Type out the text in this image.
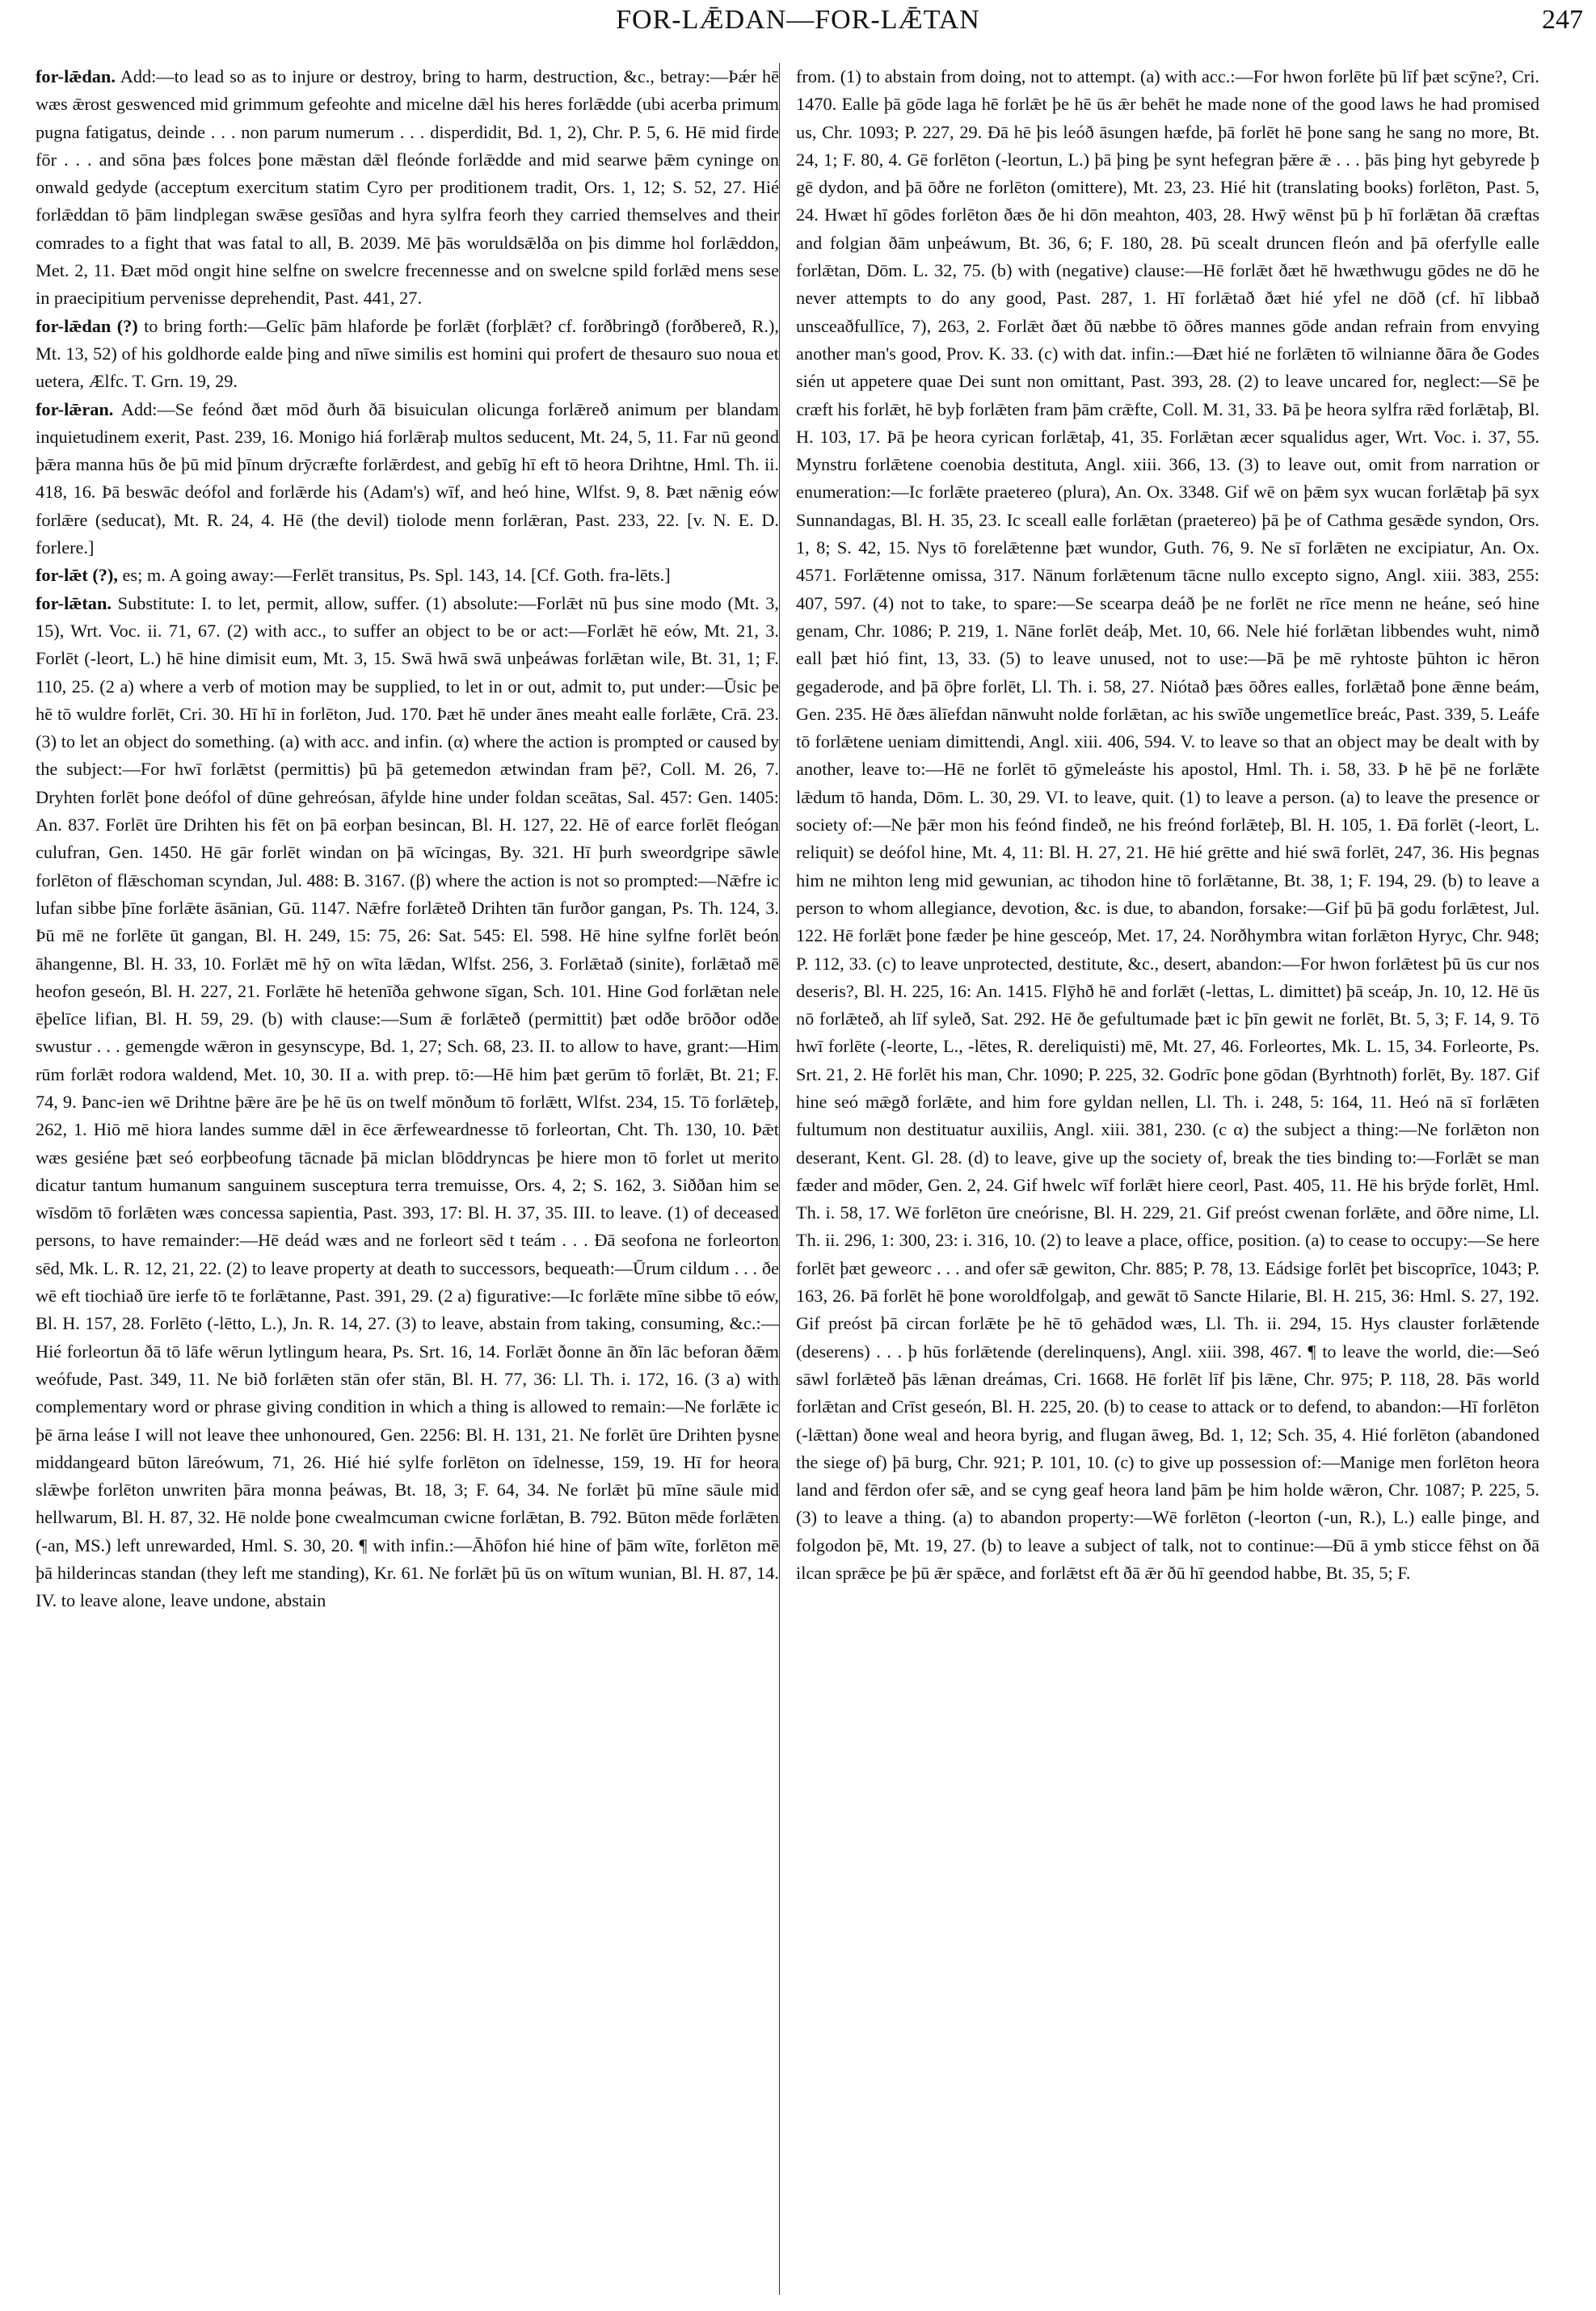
FOR-LǢDAN—FOR-LǢTAN	247

for-lǣdan. Add:—to lead so as to injure or destroy, bring to harm, destruction, &c., betray:—Þǽr hē wæs ǣrost geswenced mid grimmum gefeohte and micelne dǣl his heres forlǣdde (ubi acerba primum pugna fatigatus, deinde . . . non parum numerum . . . disperdidit, Bd. 1, 2), Chr. P. 5, 6. Hē mid firde fōr . . . and sōna þæs folces þone mǣstan dǣl fleónde forlǣdde and mid searwe þǣm cyninge on onwald gedyde (acceptum exercitum statim Cyro per proditionem tradit, Ors. 1, 12; S. 52, 27. Hié forlǣddan tō þām lindplegan swǣse gesīðas and hyra sylfra feorh they carried themselves and their comrades to a fight that was fatal to all, B. 2039. Mē þās woruldsǣlða on þis dimme hol forlǣddon, Met. 2, 11. Ðæt mōd ongit hine selfne on swelcre frecennesse and on swelcne spild forlǣd mens sese in praecipitium pervenisse deprehendit, Past. 441, 27.

for-lǣdan (?) to bring forth:—Gelīc þām hlaforde þe forlǣt (forþlǣt? cf. forðbringð (forðbereð, R.), Mt. 13, 52) of his goldhorde ealde þing and nīwe similis est homini qui profert de thesauro suo noua et uetera, Ælfc. T. Grn. 19, 29.

for-lǣran. Add:—Se feónd ðæt mōd ðurh ðā bisuiculan olicunga forlǣreð animum per blandam inquietudinem exerit, Past. 239, 16. Monigo hiá forlǣraþ multos seducent, Mt. 24, 5, 11. Far nū geond þǣra manna hūs ðe þū mid þīnum drȳcræfte forlǣrdest, and gebīg hī eft tō heora Drihtne, Hml. Th. ii. 418, 16. Þā beswāc deófol and forlǣrde his (Adam's) wīf, and heó hine, Wlfst. 9, 8. Þæt nǣnig eów forlǣre (seducat), Mt. R. 24, 4. Hē (the devil) tiolode menn forlǣran, Past. 233, 22. [v. N. E. D. forlere.]

for-lǣt (?), es; m. A going away:—Ferlēt transitus, Ps. Spl. 143, 14. [Cf. Goth. fra-lēts.]

for-lǣtan. Substitute: I. to let, permit, allow, suffer. (1) absolute:—Forlǣt nū þus sine modo (Mt. 3, 15), Wrt. Voc. ii. 71, 67. (2) with acc., to suffer an object to be or act:—Forlǣt hē eów, Mt. 21, 3. Forlēt (-leort, L.) hē hine dimisit eum, Mt. 3, 15. Swā hwā swā unþeáwas forlǣtan wile, Bt. 31, 1; F. 110, 25. (2 a) where a verb of motion may be supplied, to let in or out, admit to, put under:—Ūsic þe hē tō wuldre forlēt, Cri. 30. Hī hī in forlēton, Jud. 170. Þæt hē under ānes meaht ealle forlǣte, Crā. 23. (3) to let an object do something. (a) with acc. and infin. (α) where the action is prompted or caused by the subject:—For hwī forlǣtst (permittis) þū þā getemedon ætwindan fram þē?, Coll. M. 26, 7. Dryhten forlēt þone deófol of dūne gehreósan, āfylde hine under foldan sceātas, Sal. 457: Gen. 1405: An. 837. Forlēt ūre Drihten his fēt on þā eorþan besincan, Bl. H. 127, 22. Hē of earce forlēt fleógan culufran, Gen. 1450. Hē gār forlēt windan on þā wīcingas, By. 321. Hī þurh sweordgripe sāwle forlēton of flǣschoman scyndan, Jul. 488: B. 3167. (β) where the action is not so prompted:—Nǣfre ic lufan sibbe þīne forlǣte āsānian, Gū. 1147. Nǣfre forlǣteð Drihten tān furðor gangan, Ps. Th. 124, 3. Þū mē ne forlēte ūt gangan, Bl. H. 249, 15: 75, 26: Sat. 545: El. 598. Hē hine sylfne forlēt beón āhangenne, Bl. H. 33, 10. Forlǣt mē hȳ on wīta lǣdan, Wlfst. 256, 3. Forlǣtað (sinite), forlǣtað mē heofon geseón, Bl. H. 227, 21. Forlǣte hē hetenīða gehwone sīgan, Sch. 101. Hine God forlǣtan nele ēþelīce lifian, Bl. H. 59, 29. (b) with clause:—Sum ǣ forlǣteð (permittit) þæt odðe brōðor odðe swustur . . . gemengde wǣron in gesynscype, Bd. 1, 27; Sch. 68, 23. II. to allow to have, grant:—Him rūm forlǣt rodora waldend, Met. 10, 30. II a. with prep. tō:—Hē him þæt gerūm tō forlǣt, Bt. 21; F. 74, 9. Þanc-ien wē Drihtne þǣre āre þe hē ūs on twelf mōnðum tō forlǣtt, Wlfst. 234, 15. Tō forlǣteþ, 262, 1. Hiō mē hiora landes summe dǣl in ēce ǣrfeweardnesse tō forleortan, Cht. Th. 130, 10. Þǣt wæs gesiéne þæt seó eorþbeofung tācnade þā miclan blōddryncas þe hiere mon tō forlet ut merito dicatur tantum humanum sanguinem susceptura terra tremuisse, Ors. 4, 2; S. 162, 3. Siððan him se wīsdōm tō forlǣten wæs concessa sapientia, Past. 393, 17: Bl. H. 37, 35. III. to leave. (1) of deceased persons, to have remainder:—Hē deád wæs and ne forleort sēd t teám . . . Ðā seofona ne forleorton sēd, Mk. L. R. 12, 21, 22. (2) to leave property at death to successors, bequeath:—Ūrum cildum . . . ðe wē eft tiochiað ūre ierfe tō te forlǣtanne, Past. 391, 29. (2 a) figurative:—Ic forlǣte mīne sibbe tō eów, Bl. H. 157, 28. Forlēto (-lētto, L.), Jn. R. 14, 27. (3) to leave, abstain from taking, consuming, &c.:—Hié forleortun ðā tō lāfe wērun lytlingum heara, Ps. Srt. 16, 14. Forlǣt ðonne ān ðīn lāc beforan ðǣm weófude, Past. 349, 11. Ne bið forlǣten stān ofer stān, Bl. H. 77, 36: Ll. Th. i. 172, 16. (3 a) with complementary word or phrase giving condition in which a thing is allowed to remain:—Ne forlǣte ic þē ārna leáse I will not leave thee unhonoured, Gen. 2256: Bl. H. 131, 21. Ne forlēt ūre Drihten þysne middangeard būton lāreówum, 71, 26. Hié hié sylfe forlēton on īdelnesse, 159, 19. Hī for heora slǣwþe forlēton unwriten þāra monna þeáwas, Bt. 18, 3; F. 64, 34. Ne forlǣt þū mīne sāule mid hellwarum, Bl. H. 87, 32. Hē nolde þone cwealmcuman cwicne forlǣtan, B. 792. Būton mēde forlǣten (-an, MS.) left unrewarded, Hml. S. 30, 20. ¶ with infin.:—Āhōfon hié hine of þām wīte, forlēton mē þā hilderincas standan (they left me standing), Kr. 61. Ne forlǣt þū ūs on wītum wunian, Bl. H. 87, 14. IV. to leave alone, leave undone, abstain

from. (1) to abstain from doing, not to attempt. (a) with acc.:—For hwon forlēte þū līf þæt scȳne?, Cri. 1470. Ealle þā gōde laga hē forlǣt þe hē ūs ǣr behēt he made none of the good laws he had promised us, Chr. 1093; P. 227, 29. Ðā hē þis leóð āsungen hæfde, þā forlēt hē þone sang he sang no more, Bt. 24, 1; F. 80, 4. Gē forlēton (-leortun, L.) þā þing þe synt hefegran þǣre ǣ . . . þās þing hyt gebyrede þ gē dydon, and þā ōðre ne forlēton (omittere), Mt. 23, 23. Hié hit (translating books) forlēton, Past. 5, 24. Hwæt hī gōdes forlēton ðæs ðe hi dōn meahton, 403, 28. Hwȳ wēnst þū þ hī forlǣtan ðā cræftas and folgian ðām unþeáwum, Bt. 36, 6; F. 180, 28. Þū scealt druncen fleón and þā oferfylle ealle forlǣtan, Dōm. L. 32, 75. (b) with (negative) clause:—Hē forlǣt ðæt hē hwæthwugu gōdes ne dō he never attempts to do any good, Past. 287, 1. Hī forlǣtað ðæt hié yfel ne dōð (cf. hī libbað unsceaðfullīce, 7), 263, 2. Forlǣt ðæt ðū næbbe tō ōðres mannes gōde andan refrain from envying another man's good, Prov. K. 33. (c) with dat. infin.:—Ðæt hié ne forlǣten tō wilnianne ðāra ðe Godes sién ut appetere quae Dei sunt non omittant, Past. 393, 28. (2) to leave uncared for, neglect:—Sē þe cræft his forlǣt, hē byþ forlǣten fram þām crǣfte, Coll. M. 31, 33. Þā þe heora sylfra rǣd forlǣtaþ, Bl. H. 103, 17. Þā þe heora cyrican forlǣtaþ, 41, 35. Forlǣtan æcer squalidus ager, Wrt. Voc. i. 37, 55. Mynstru forlǣtene coenobia destituta, Angl. xiii. 366, 13. (3) to leave out, omit from narration or enumeration:—Ic forlǣte praetereo (plura), An. Ox. 3348. Gif wē on þǣm syx wucan forlǣtaþ þā syx Sunnandagas, Bl. H. 35, 23. Ic sceall ealle forlǣtan (praetereo) þā þe of Cathma gesǣde syndon, Ors. 1, 8; S. 42, 15. Nys tō forelǣtenne þæt wundor, Guth. 76, 9. Ne sī forlǣten ne excipiatur, An. Ox. 4571. Forlǣtenne omissa, 317. Nānum forlǣtenum tācne nullo excepto signo, Angl. xiii. 383, 255: 407, 597. (4) not to take, to spare:—Se scearpa deáð þe ne forlēt ne rīce menn ne heáne, seó hine genam, Chr. 1086; P. 219, 1. Nāne forlēt deáþ, Met. 10, 66. Nele hié forlǣtan libbendes wuht, nimð eall þæt hió fint, 13, 33. (5) to leave unused, not to use:—Þā þe mē ryhtoste þūhton ic hēron gegaderode, and þā ōþre forlēt, Ll. Th. i. 58, 27. Niótað þæs ōðres ealles, forlǣtað þone ǣnne beám, Gen. 235. Hē ðæs ālīefdan nānwuht nolde forlǣtan, ac his swīðe ungemetlīce breác, Past. 339, 5. Leáfe tō forlǣtene ueniam dimittendi, Angl. xiii. 406, 594. V. to leave so that an object may be dealt with by another, leave to:—Hē ne forlēt tō gȳmeleáste his apostol, Hml. Th. i. 58, 33. Þ hē þē ne forlǣte lǣdum tō handa, Dōm. L. 30, 29. VI. to leave, quit. (1) to leave a person. (a) to leave the presence or society of:—Ne þǣr mon his feónd findeð, ne his freónd forlǣteþ, Bl. H. 105, 1. Ðā forlēt (-leort, L. reliquit) se deófol hine, Mt. 4, 11: Bl. H. 27, 21. Hē hié grētte and hié swā forlēt, 247, 36. His þegnas him ne mihton leng mid gewunian, ac tihodon hine tō forlǣtanne, Bt. 38, 1; F. 194, 29. (b) to leave a person to whom allegiance, devotion, &c. is due, to abandon, forsake:—Gif þū þā godu forlǣtest, Jul. 122. Hē forlǣt þone fæder þe hine gesceóp, Met. 17, 24. Norðhymbra witan forlǣton Hyryc, Chr. 948; P. 112, 33. (c) to leave unprotected, destitute, &c., desert, abandon:—For hwon forlǣtest þū ūs cur nos deseris?, Bl. H. 225, 16: An. 1415. Flȳhð hē and forlǣt (-lettas, L. dimittet) þā sceáp, Jn. 10, 12. Hē ūs nō forlǣteð, ah līf syleð, Sat. 292. Hē ðe gefultumade þæt ic þīn gewit ne forlēt, Bt. 5, 3; F. 14, 9. Tō hwī forlēte (-leorte, L., -lētes, R. dereliquisti) mē, Mt. 27, 46. Forleortes, Mk. L. 15, 34. Forleorte, Ps. Srt. 21, 2. Hē forlēt his man, Chr. 1090; P. 225, 32. Godrīc þone gōdan (Byrhtnoth) forlēt, By. 187. Gif hine seó mǣgð forlǣte, and him fore gyldan nellen, Ll. Th. i. 248, 5: 164, 11. Heó nā sī forlǣten fultumum non destituatur auxiliis, Angl. xiii. 381, 230. (c α) the subject a thing:—Ne forlǣton non deserant, Kent. Gl. 28. (d) to leave, give up the society of, break the ties binding to:—Forlǣt se man fæder and mōder, Gen. 2, 24. Gif hwelc wīf forlǣt hiere ceorl, Past. 405, 11. Hē his brȳde forlēt, Hml. Th. i. 58, 17. Wē forlēton ūre cneórisne, Bl. H. 229, 21. Gif preóst cwenan forlǣte, and ōðre nime, Ll. Th. ii. 296, 1: 300, 23: i. 316, 10. (2) to leave a place, office, position. (a) to cease to occupy:—Se here forlēt þæt geweorc . . . and ofer sǣ gewiton, Chr. 885; P. 78, 13. Eádsige forlēt þet biscoprīce, 1043; P. 163, 26. Þā forlēt hē þone woroldfolgaþ, and gewāt tō Sancte Hilarie, Bl. H. 215, 36: Hml. S. 27, 192. Gif preóst þā circan forlǣte þe hē tō gehādod wæs, Ll. Th. ii. 294, 15. Hys clauster forlǣtende (deserens) . . . þ hūs forlǣtende (derelinquens), Angl. xiii. 398, 467. ¶ to leave the world, die:—Seó sāwl forlǣteð þās lǣnan dreámas, Cri. 1668. Hē forlēt līf þis lǣne, Chr. 975; P. 118, 28. Þās world forlǣtan and Crīst geseón, Bl. H. 225, 20. (b) to cease to attack or to defend, to abandon:—Hī forlēton (-lǣttan) ðone weal and heora byrig, and flugan āweg, Bd. 1, 12; Sch. 35, 4. Hié forlēton (abandoned the siege of) þā burg, Chr. 921; P. 101, 10. (c) to give up possession of:—Manige men forlēton heora land and fērdon ofer sǣ, and se cyng geaf heora land þām þe him holde wǣron, Chr. 1087; P. 225, 5. (3) to leave a thing. (a) to abandon property:—Wē forlēton (-leorton (-un, R.), L.) ealle þinge, and folgodon þē, Mt. 19, 27. (b) to leave a subject of talk, not to continue:—Ðū ā ymb sticce fēhst on ðā ilcan sprǣce þe þū ǣr spǣce, and forlǣtst eft ðā ǣr ðū hī geendod habbe, Bt. 35, 5; F.
